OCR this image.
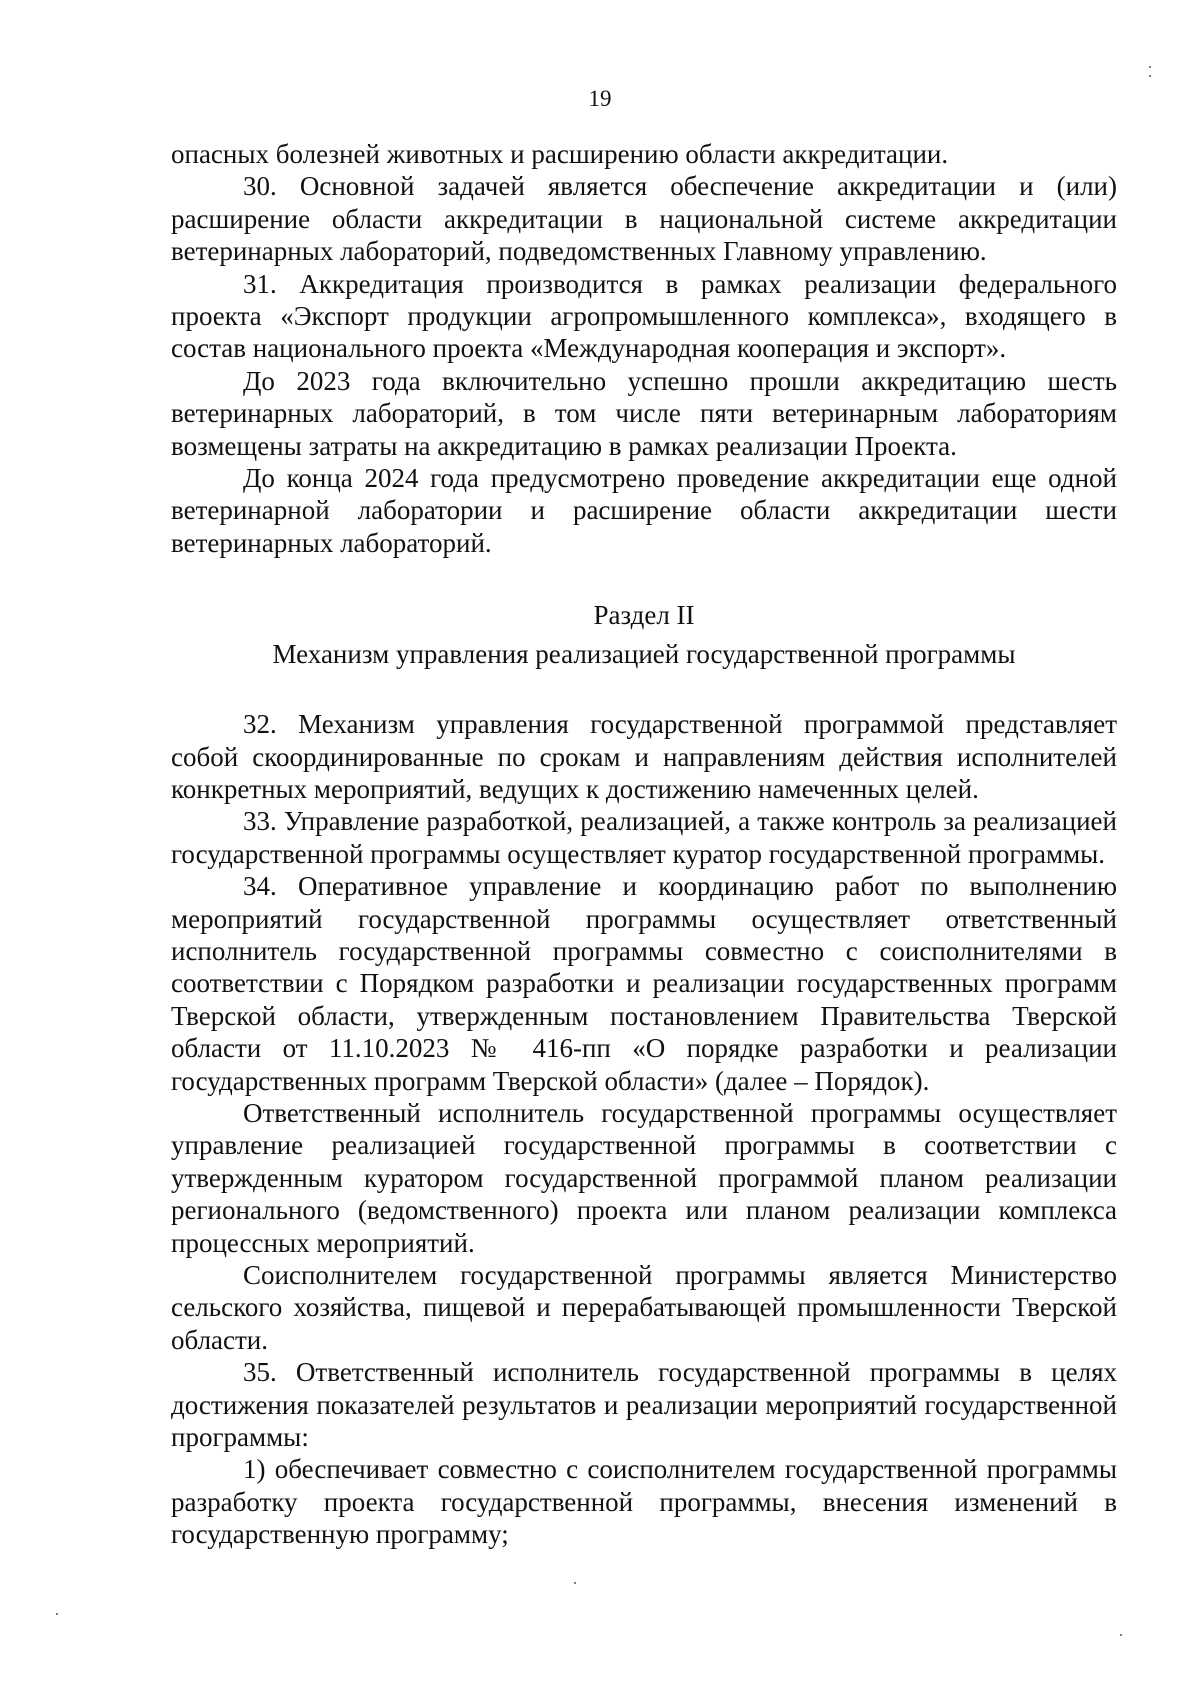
19

опасных болезней животных и расширению области аккредитации.

30. Основной задачей является обеспечение аккредитации и (или) расширение области аккредитации в национальной системе аккредитации ветеринарных лабораторий, подведомственных Главному управлению.

31. Аккредитация производится в рамках реализации федерального проекта «Экспорт продукции агропромышленного комплекса», входящего в состав национального проекта «Международная кооперация и экспорт».

До 2023 года включительно успешно прошли аккредитацию шесть ветеринарных лабораторий, в том числе пяти ветеринарным лабораториям возмещены затраты на аккредитацию в рамках реализации Проекта.

До конца 2024 года предусмотрено проведение аккредитации еще одной ветеринарной лаборатории и расширение области аккредитации шести ветеринарных лабораторий.

Раздел II

Механизм управления реализацией государственной программы

32. Механизм управления государственной программой представляет собой скоординированные по срокам и направлениям действия исполнителей конкретных мероприятий, ведущих к достижению намеченных целей.

33. Управление разработкой, реализацией, а также контроль за реализацией государственной программы осуществляет куратор государственной программы.

34. Оперативное управление и координацию работ по выполнению мероприятий государственной программы осуществляет ответственный исполнитель государственной программы совместно с соисполнителями в соответствии с Порядком разработки и реализации государственных программ Тверской области, утвержденным постановлением Правительства Тверской области от 11.10.2023 № 416-пп «О порядке разработки и реализации государственных программ Тверской области» (далее – Порядок).

Ответственный исполнитель государственной программы осуществляет управление реализацией государственной программы в соответствии с утвержденным куратором государственной программой планом реализации регионального (ведомственного) проекта или планом реализации комплекса процессных мероприятий.

Соисполнителем государственной программы является Министерство сельского хозяйства, пищевой и перерабатывающей промышленности Тверской области.

35. Ответственный исполнитель государственной программы в целях достижения показателей результатов и реализации мероприятий государственной программы:

1) обеспечивает совместно с соисполнителем государственной программы разработку проекта государственной программы, внесения изменений в государственную программу;
